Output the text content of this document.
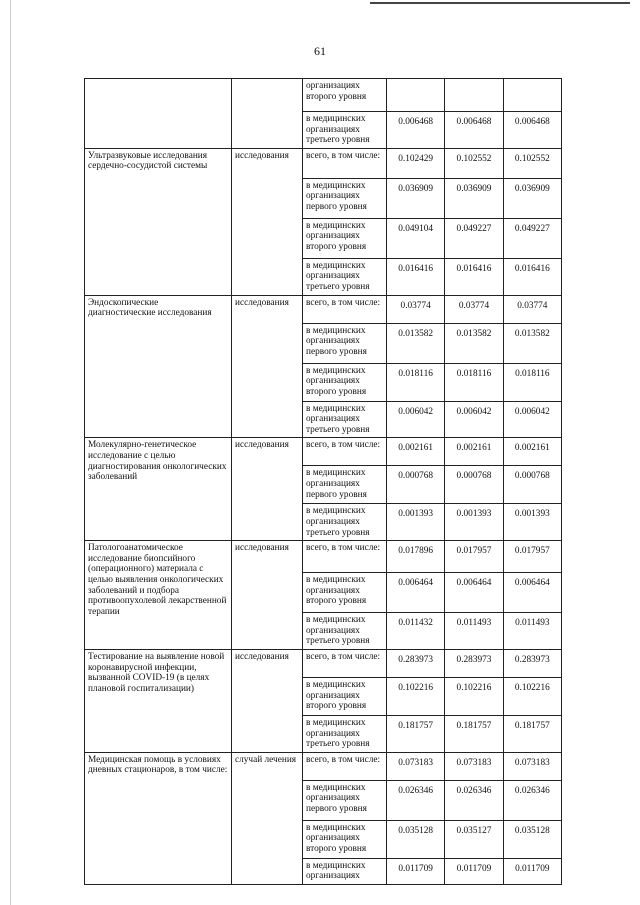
61
		организациях второго уровня			
		в медицинских организациях третьего уровня	0.006468	0.006468	0.006468
Ультразвуковые исследования сердечно-сосудистой системы	исследования	всего, в том числе:	0.102429	0.102552	0.102552
		в медицинских организациях первого уровня	0.036909	0.036909	0.036909
		в медицинских организациях второго уровня	0.049104	0.049227	0.049227
		в медицинских организациях третьего уровня	0.016416	0.016416	0.016416
Эндоскопические диагностические исследования	исследования	всего, в том числе:	0.03774	0.03774	0.03774
		в медицинских организациях первого уровня	0.013582	0.013582	0.013582
		в медицинских организациях второго уровня	0.018116	0.018116	0.018116
		в медицинских организациях третьего уровня	0.006042	0.006042	0.006042
Молекулярно-генетическое исследование с целью диагностирования онкологических заболеваний	исследования	всего, в том числе:	0.002161	0.002161	0.002161
		в медицинских организациях первого уровня	0.000768	0.000768	0.000768
		в медицинских организациях третьего уровня	0.001393	0.001393	0.001393
Патологоанатомическое исследование биопсийного (операционного) материала с целью выявления онкологических заболеваний и подбора противоопухолевой лекарственной терапии	исследования	всего, в том числе:	0.017896	0.017957	0.017957
		в медицинских организациях второго уровня	0.006464	0.006464	0.006464
		в медицинских организациях третьего уровня	0.011432	0.011493	0.011493
Тестирование на выявление новой коронавирусной инфекции, вызванной COVID-19 (в целях плановой госпитализации)	исследования	всего, в том числе:	0.283973	0.283973	0.283973
		в медицинских организациях второго уровня	0.102216	0.102216	0.102216
		в медицинских организациях третьего уровня	0.181757	0.181757	0.181757
Медицинская помощь в условиях дневных стационаров, в том числе:	случай лечения	всего, в том числе:	0.073183	0.073183	0.073183
		в медицинских организациях первого уровня	0.026346	0.026346	0.026346
		в медицинских организациях второго уровня	0.035128	0.035127	0.035128
		в медицинских организациях	0.011709	0.011709	0.011709
